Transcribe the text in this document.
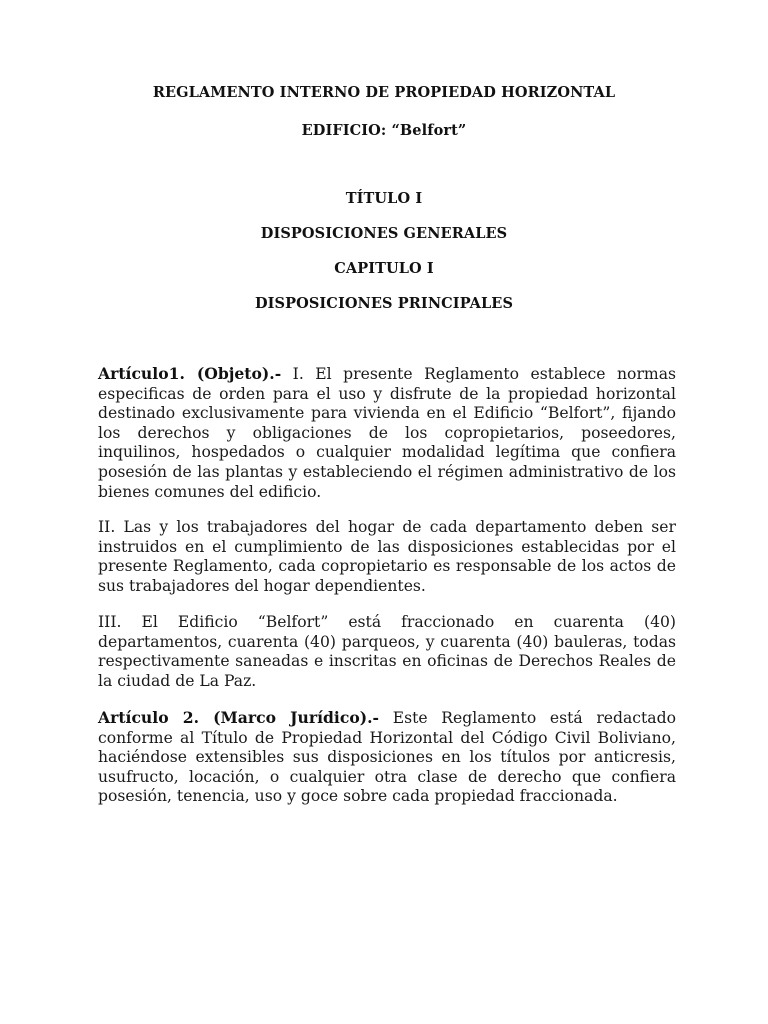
REGLAMENTO INTERNO DE PROPIEDAD HORIZONTAL

EDIFICIO: “Belfort”

TÍTULO I

DISPOSICIONES GENERALES

CAPITULO I

DISPOSICIONES PRINCIPALES

Artículo1. (Objeto).- I. El presente Reglamento establece normas especificas de orden para el uso y disfrute de la propiedad horizontal destinado exclusivamente para vivienda en el Edificio “Belfort”, fijando los derechos y obligaciones de los copropietarios, poseedores, inquilinos, hospedados o cualquier modalidad legítima que confiera posesión de las plantas y estableciendo el régimen administrativo de los bienes comunes del edificio.

II. Las y los trabajadores del hogar de cada departamento deben ser instruidos en el cumplimiento de las disposiciones establecidas por el presente Reglamento, cada copropietario es responsable de los actos de sus trabajadores del hogar dependientes.

III. El Edificio “Belfort” está fraccionado en cuarenta (40) departamentos, cuarenta (40) parqueos, y cuarenta (40) bauleras, todas respectivamente saneadas e inscritas en oficinas de Derechos Reales de la ciudad de La Paz.

Artículo 2. (Marco Jurídico).- Este Reglamento está redactado conforme al Título de Propiedad Horizontal del Código Civil Boliviano, haciéndose extensibles sus disposiciones en los títulos por anticresis, usufructo, locación, o cualquier otra clase de derecho que confiera posesión, tenencia, uso y goce sobre cada propiedad fraccionada.
